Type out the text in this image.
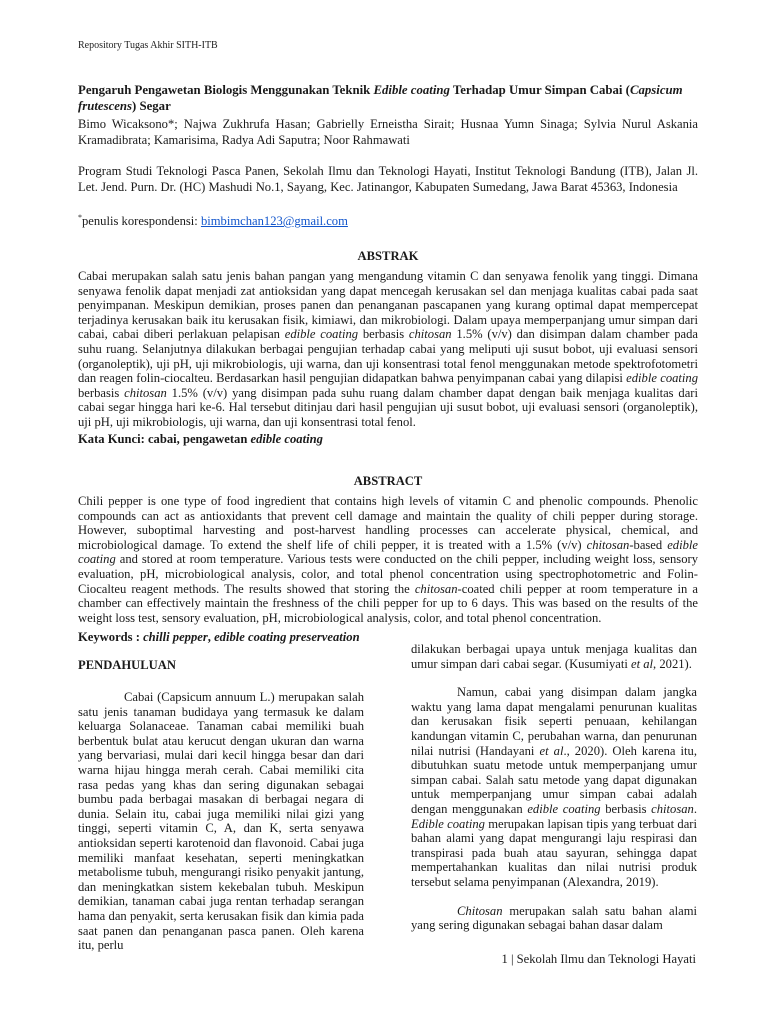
Repository Tugas Akhir SITH-ITB
Pengaruh Pengawetan Biologis Menggunakan Teknik Edible coating Terhadap Umur Simpan Cabai (Capsicum frutescens) Segar
Bimo Wicaksono*; Najwa Zukhrufa Hasan; Gabrielly Erneistha Sirait; Husnaa Yumn Sinaga; Sylvia Nurul Askania Kramadibrata; Kamarisima, Radya Adi Saputra; Noor Rahmawati
Program Studi Teknologi Pasca Panen, Sekolah Ilmu dan Teknologi Hayati, Institut Teknologi Bandung (ITB), Jalan Jl. Let. Jend. Purn. Dr. (HC) Mashudi No.1, Sayang, Kec. Jatinangor, Kabupaten Sumedang, Jawa Barat 45363, Indonesia
*penulis korespondensi: bimbimchan123@gmail.com
ABSTRAK
Cabai merupakan salah satu jenis bahan pangan yang mengandung vitamin C dan senyawa fenolik yang tinggi. Dimana senyawa fenolik dapat menjadi zat antioksidan yang dapat mencegah kerusakan sel dan menjaga kualitas cabai pada saat penyimpanan. Meskipun demikian, proses panen dan penanganan pascapanen yang kurang optimal dapat mempercepat terjadinya kerusakan baik itu kerusakan fisik, kimiawi, dan mikrobiologi. Dalam upaya memperpanjang umur simpan dari cabai, cabai diberi perlakuan pelapisan edible coating berbasis chitosan 1.5% (v/v) dan disimpan dalam chamber pada suhu ruang. Selanjutnya dilakukan berbagai pengujian terhadap cabai yang meliputi uji susut bobot, uji evaluasi sensori (organoleptik), uji pH, uji mikrobiologis, uji warna, dan uji konsentrasi total fenol menggunakan metode spektrofotometri dan reagen folin-ciocalteu. Berdasarkan hasil pengujian didapatkan bahwa penyimpanan cabai yang dilapisi edible coating berbasis chitosan 1.5% (v/v) yang disimpan pada suhu ruang dalam chamber dapat dengan baik menjaga kualitas dari cabai segar hingga hari ke-6. Hal tersebut ditinjau dari hasil pengujian uji susut bobot, uji evaluasi sensori (organoleptik), uji pH, uji mikrobiologis, uji warna, dan uji konsentrasi total fenol.
Kata Kunci: cabai, pengawetan edible coating
ABSTRACT
Chili pepper is one type of food ingredient that contains high levels of vitamin C and phenolic compounds. Phenolic compounds can act as antioxidants that prevent cell damage and maintain the quality of chili pepper during storage. However, suboptimal harvesting and post-harvest handling processes can accelerate physical, chemical, and microbiological damage. To extend the shelf life of chili pepper, it is treated with a 1.5% (v/v) chitosan-based edible coating and stored at room temperature. Various tests were conducted on the chili pepper, including weight loss, sensory evaluation, pH, microbiological analysis, color, and total phenol concentration using spectrophotometric and Folin-Ciocalteu reagent methods. The results showed that storing the chitosan-coated chili pepper at room temperature in a chamber can effectively maintain the freshness of the chili pepper for up to 6 days. This was based on the results of the weight loss test, sensory evaluation, pH, microbiological analysis, color, and total phenol concentration.
Keywords : chilli pepper, edible coating preserveation
PENDAHULUAN

Cabai (Capsicum annuum L.) merupakan salah satu jenis tanaman budidaya yang termasuk ke dalam keluarga Solanaceae. Tanaman cabai memiliki buah berbentuk bulat atau kerucut dengan ukuran dan warna yang bervariasi, mulai dari kecil hingga besar dan dari warna hijau hingga merah cerah. Cabai memiliki cita rasa pedas yang khas dan sering digunakan sebagai bumbu pada berbagai masakan di berbagai negara di dunia. Selain itu, cabai juga memiliki nilai gizi yang tinggi, seperti vitamin C, A, dan K, serta senyawa antioksidan seperti karotenoid dan flavonoid. Cabai juga memiliki manfaat kesehatan, seperti meningkatkan metabolisme tubuh, mengurangi risiko penyakit jantung, dan meningkatkan sistem kekebalan tubuh. Meskipun demikian, tanaman cabai juga rentan terhadap serangan hama dan penyakit, serta kerusakan fisik dan kimia pada saat panen dan penanganan pasca panen. Oleh karena itu, perlu

dilakukan berbagai upaya untuk menjaga kualitas dan umur simpan dari cabai segar. (Kusumiyati et al, 2021).

Namun, cabai yang disimpan dalam jangka waktu yang lama dapat mengalami penurunan kualitas dan kerusakan fisik seperti penuaan, kehilangan kandungan vitamin C, perubahan warna, dan penurunan nilai nutrisi (Handayani et al., 2020). Oleh karena itu, dibutuhkan suatu metode untuk memperpanjang umur simpan cabai. Salah satu metode yang dapat digunakan untuk memperpanjang umur simpan cabai adalah dengan menggunakan edible coating berbasis chitosan. Edible coating merupakan lapisan tipis yang terbuat dari bahan alami yang dapat mengurangi laju respirasi dan transpirasi pada buah atau sayuran, sehingga dapat mempertahankan kualitas dan nilai nutrisi produk tersebut selama penyimpanan (Alexandra, 2019).

Chitosan merupakan salah satu bahan alami yang sering digunakan sebagai bahan dasar dalam

1 | Sekolah Ilmu dan Teknologi Hayati
